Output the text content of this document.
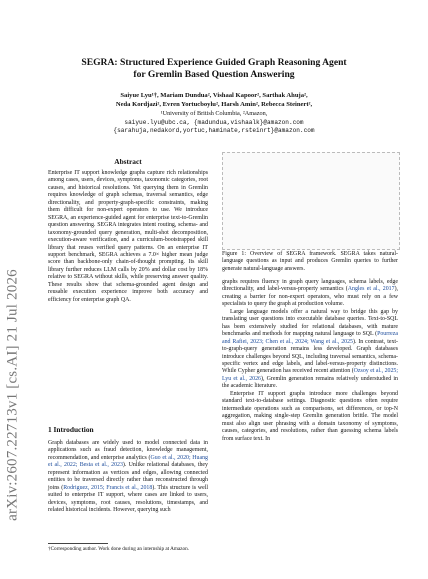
SEGRA: Structured Experience Guided Graph Reasoning Agent
for Gremlin Based Question Answering
Saiyue Lyu¹†, Mariam Dundua², Vishaal Kapoor², Sarthak Ahuja²,
Neda Kordjazi², Evren Yortucboylu², Harsh Amin², Rebecca Steinert²,
¹University of British Columbia, ²Amazon,
saiyue.lyu@ubc.ca, {madundua,vishaalk}@amazon.com
{sarahuja,nedakord,yortuc,haminate,rsteinrt}@amazon.com
arXiv:2607.22713v1 [cs.AI] 21 Jul 2026
Abstract
Enterprise IT support knowledge graphs capture rich relationships among cases, users, devices, symptoms, taxonomic categories, root causes, and historical resolutions. Yet querying them in Gremlin requires knowledge of graph schemas, traversal semantics, edge directionality, and property-graph-specific constraints, making them difficult for non-expert operators to use. We introduce SEGRA, an experience-guided agent for enterprise text-to-Gremlin question answering. SEGRA integrates intent routing, schema- and taxonomy-grounded query generation, multi-shot decomposition, execution-aware verification, and a curriculum-bootstrapped skill library that reuses verified query patterns. On an enterprise IT support benchmark, SEGRA achieves a 7.0× higher mean judge score than backbone-only chain-of-thought prompting. Its skill library further reduces LLM calls by 20% and dollar cost by 18% relative to SEGRA without skills, while preserving answer quality. These results show that schema-grounded agent design and reusable execution experience improve both accuracy and efficiency for enterprise graph QA.
1 Introduction
Graph databases are widely used to model connected data in applications such as fraud detection, knowledge management, recommendation, and enterprise analytics (Guo et al., 2020; Huang et al., 2022; Besta et al., 2023). Unlike relational databases, they represent information as vertices and edges, allowing connected entities to be traversed directly rather than reconstructed through joins (Rodriguez, 2015; Francis et al., 2018). This structure is well suited to enterprise IT support, where cases are linked to users, devices, symptoms, root causes, resolutions, timestamps, and related historical incidents. However, querying such
†Corresponding author. Work done during an internship at Amazon.
Figure 1: Overview of SEGRA framework. SEGRA takes natural-language questions as input and produces Gremlin queries to further generate natural-language answers.

graphs requires fluency in graph query languages, schema labels, edge directionality, and label-versus-property semantics (Angles et al., 2017), creating a barrier for non-expert operators, who must rely on a few specialists to query the graph at production volume.

Large language models offer a natural way to bridge this gap by translating user questions into executable database queries. Text-to-SQL has been extensively studied for relational databases, with mature benchmarks and methods for mapping natural language to SQL (Pourreza and Rafiei, 2023; Chen et al., 2024; Wang et al., 2025). In contrast, text-to-graph-query generation remains less developed. Graph databases introduce challenges beyond SQL, including traversal semantics, schema-specific vertex and edge labels, and label-versus-property distinctions. While Cypher generation has received recent attention (Ozsoy et al., 2025; Lyu et al., 2026), Gremlin generation remains relatively understudied in the academic literature.

Enterprise IT support graphs introduce more challenges beyond standard text-to-database settings. Diagnostic questions often require intermediate operations such as comparisons, set differences, or top-N aggregation, making single-step Gremlin generation brittle. The model must also align user phrasing with a domain taxonomy of symptoms, causes, categories, and resolutions, rather than guessing schema labels from surface text. In
